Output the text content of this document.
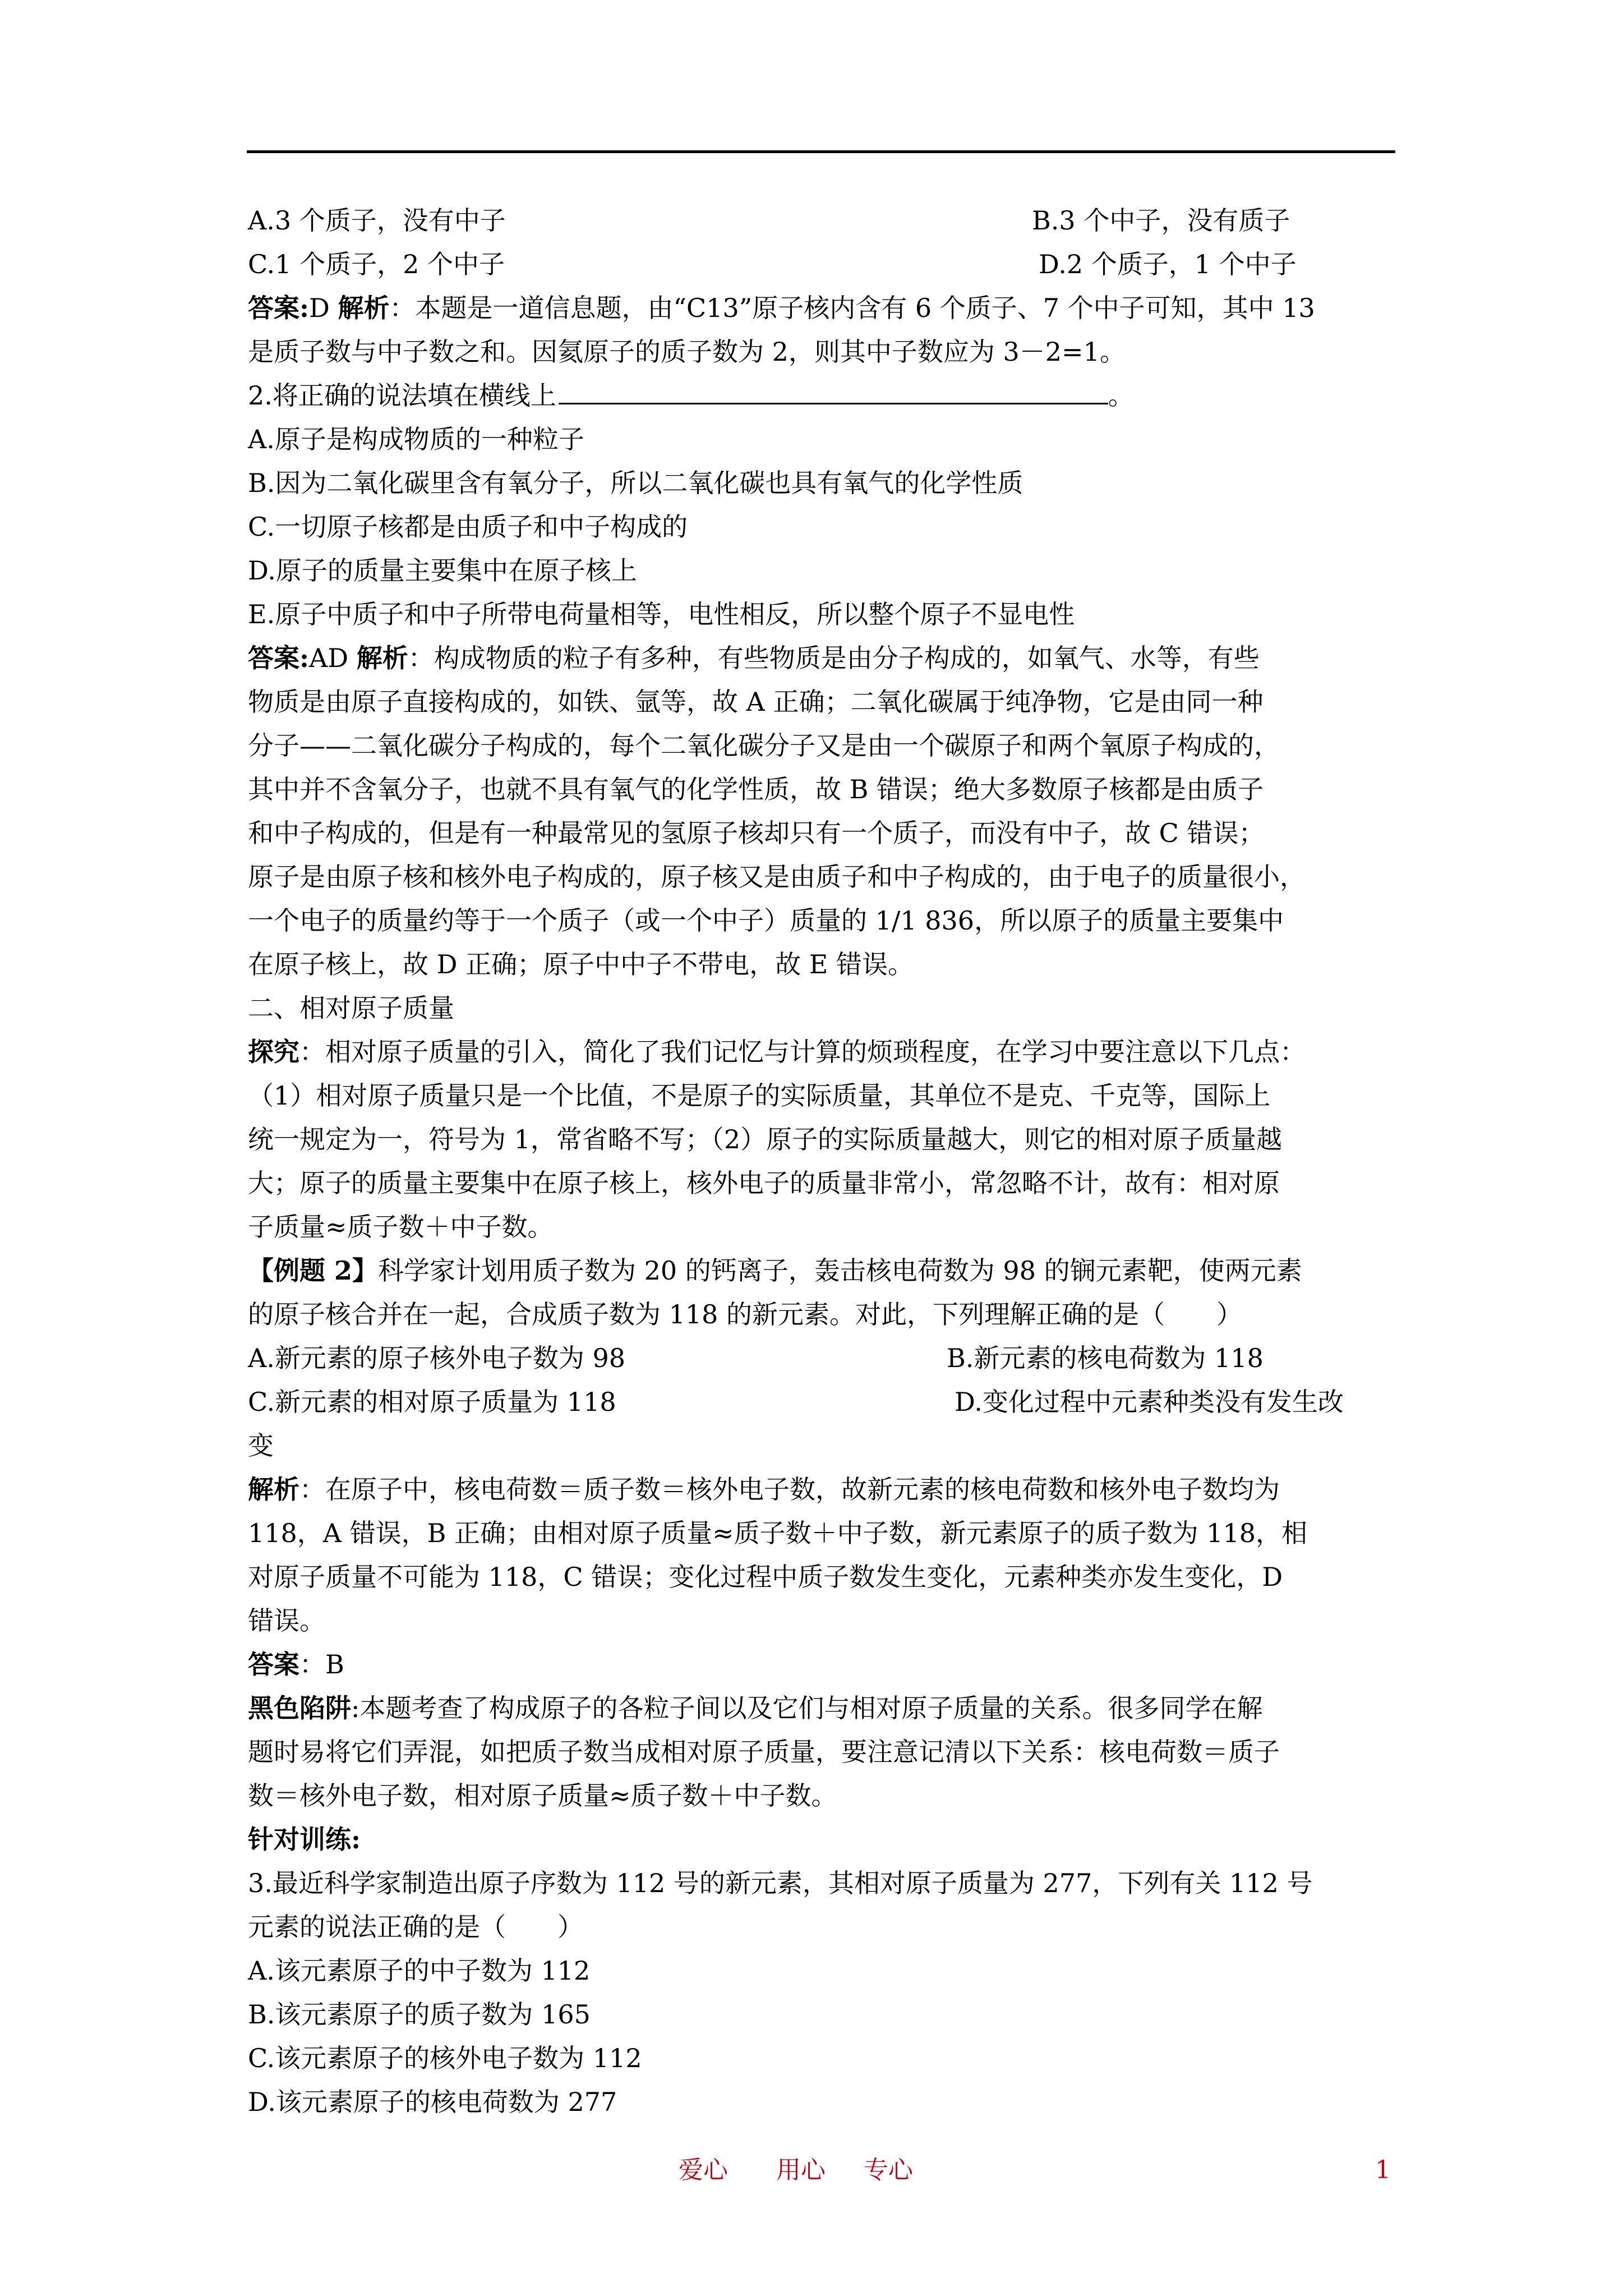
A.3 个质子，没有中子	B.3 个中子，没有质子
C.1 个质子，2 个中子	D.2 个质子，1 个中子
答案:D 解析：本题是一道信息题，由“C13”原子核内含有 6 个质子、7 个中子可知，其中 13
是质子数与中子数之和。因氦原子的质子数为 2，则其中子数应为 3－2=1。
2.将正确的说法填在横线上	。
A.原子是构成物质的一种粒子
B.因为二氧化碳里含有氧分子，所以二氧化碳也具有氧气的化学性质
C.一切原子核都是由质子和中子构成的
D.原子的质量主要集中在原子核上
E.原子中质子和中子所带电荷量相等，电性相反，所以整个原子不显电性
答案:AD 解析：构成物质的粒子有多种，有些物质是由分子构成的，如氧气、水等，有些
物质是由原子直接构成的，如铁、氩等，故 A 正确；二氧化碳属于纯净物，它是由同一种
分子——二氧化碳分子构成的，每个二氧化碳分子又是由一个碳原子和两个氧原子构成的，
其中并不含氧分子，也就不具有氧气的化学性质，故 B 错误；绝大多数原子核都是由质子
和中子构成的，但是有一种最常见的氢原子核却只有一个质子，而没有中子，故 C 错误；
原子是由原子核和核外电子构成的，原子核又是由质子和中子构成的，由于电子的质量很小，
一个电子的质量约等于一个质子（或一个中子）质量的 1/1 836，所以原子的质量主要集中
在原子核上，故 D 正确；原子中中子不带电，故 E 错误。
二、相对原子质量
探究：相对原子质量的引入，简化了我们记忆与计算的烦琐程度，在学习中要注意以下几点：
（1）相对原子质量只是一个比值，不是原子的实际质量，其单位不是克、千克等，国际上
统一规定为一，符号为 1，常省略不写；（2）原子的实际质量越大，则它的相对原子质量越
大；原子的质量主要集中在原子核上，核外电子的质量非常小，常忽略不计，故有：相对原
子质量≈质子数＋中子数。
【例题 2】科学家计划用质子数为 20 的钙离子，轰击核电荷数为 98 的锎元素靶，使两元素
的原子核合并在一起，合成质子数为 118 的新元素。对此，下列理解正确的是（　　）
A.新元素的原子核外电子数为 98	B.新元素的核电荷数为 118
C.新元素的相对原子质量为 118	D.变化过程中元素种类没有发生改
变
解析：在原子中，核电荷数＝质子数＝核外电子数，故新元素的核电荷数和核外电子数均为
118，A 错误，B 正确；由相对原子质量≈质子数＋中子数，新元素原子的质子数为 118，相
对原子质量不可能为 118，C 错误；变化过程中质子数发生变化，元素种类亦发生变化，D
错误。
答案：B
黑色陷阱:本题考查了构成原子的各粒子间以及它们与相对原子质量的关系。很多同学在解
题时易将它们弄混，如把质子数当成相对原子质量，要注意记清以下关系：核电荷数＝质子
数＝核外电子数，相对原子质量≈质子数＋中子数。
针对训练:
3.最近科学家制造出原子序数为 112 号的新元素，其相对原子质量为 277，下列有关 112 号
元素的说法正确的是（　　）
A.该元素原子的中子数为 112
B.该元素原子的质子数为 165
C.该元素原子的核外电子数为 112
D.该元素原子的核电荷数为 277
爱心 用心 专心	1
